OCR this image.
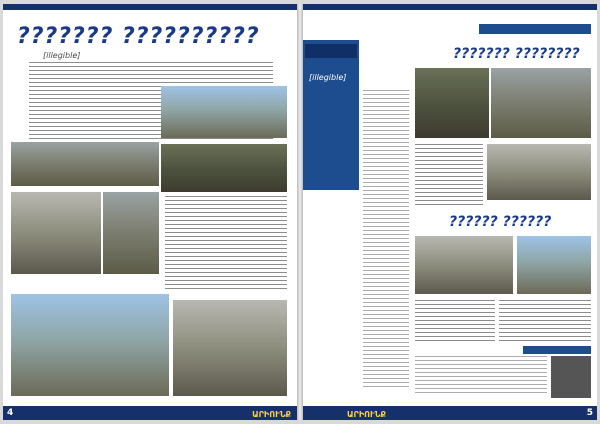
??????? ??????????
[illegible]
4	ԱՐԻՈՒՆՔ
[illegible]
??????? ????????
?????? ??????
5
ԱՐԻՈՒՆՔ
